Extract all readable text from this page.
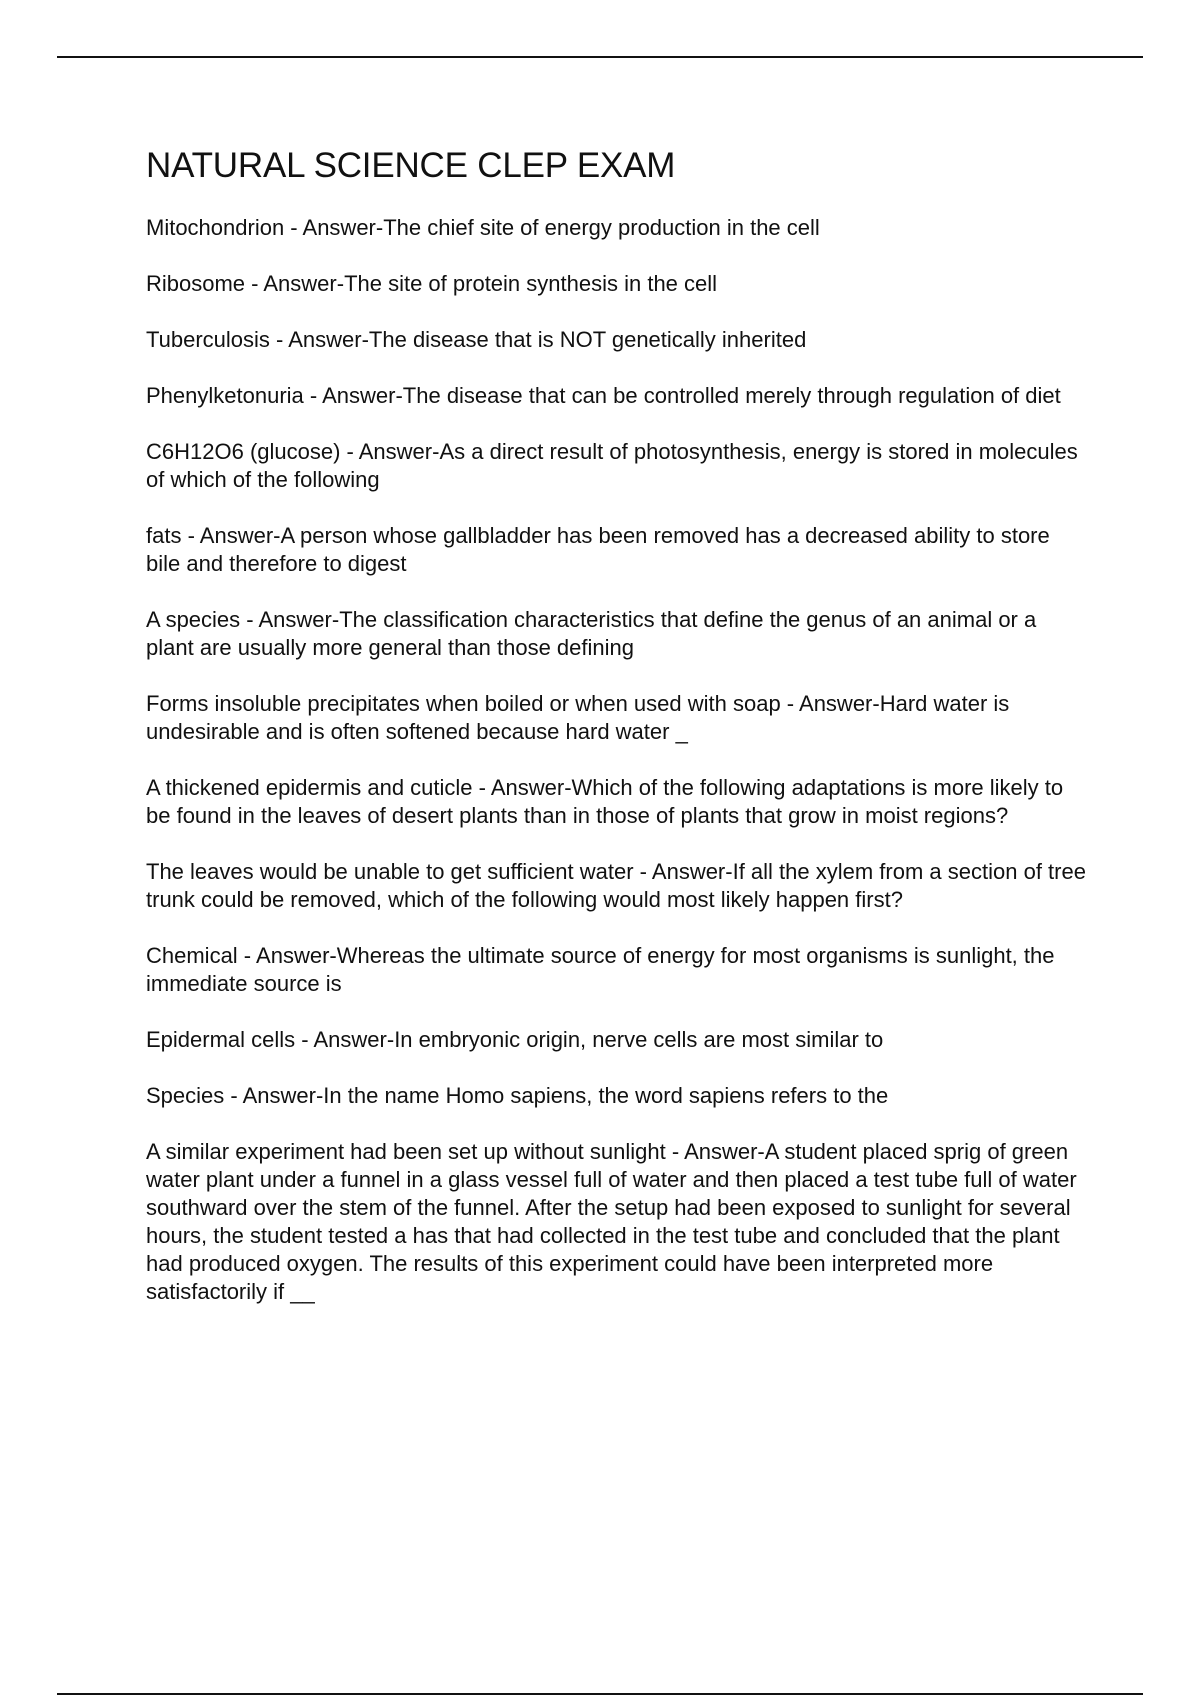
NATURAL SCIENCE CLEP EXAM
Mitochondrion - Answer-The chief site of energy production in the cell
Ribosome - Answer-The site of protein synthesis in the cell
Tuberculosis - Answer-The disease that is NOT genetically inherited
Phenylketonuria - Answer-The disease that can be controlled merely through regulation of diet
C6H12O6 (glucose) - Answer-As a direct result of photosynthesis, energy is stored in molecules of which of the following
fats - Answer-A person whose gallbladder has been removed has a decreased ability to store bile and therefore to digest
A species - Answer-The classification characteristics that define the genus of an animal or a plant are usually more general than those defining
Forms insoluble precipitates when boiled or when used with soap - Answer-Hard water is undesirable and is often softened because hard water _
A thickened epidermis and cuticle - Answer-Which of the following adaptations is more likely to be found in the leaves of desert plants than in those of plants that grow in moist regions?
The leaves would be unable to get sufficient water - Answer-If all the xylem from a section of tree trunk could be removed, which of the following would most likely happen first?
Chemical - Answer-Whereas the ultimate source of energy for most organisms is sunlight, the immediate source is
Epidermal cells - Answer-In embryonic origin, nerve cells are most similar to
Species - Answer-In the name Homo sapiens, the word sapiens refers to the
A similar experiment had been set up without sunlight - Answer-A student placed sprig of green water plant under a funnel in a glass vessel full of water and then placed a test tube full of water southward over the stem of the funnel. After the setup had been exposed to sunlight for several hours, the student tested a has that had collected in the test tube and concluded that the plant had produced oxygen. The results of this experiment could have been interpreted more satisfactorily if __
